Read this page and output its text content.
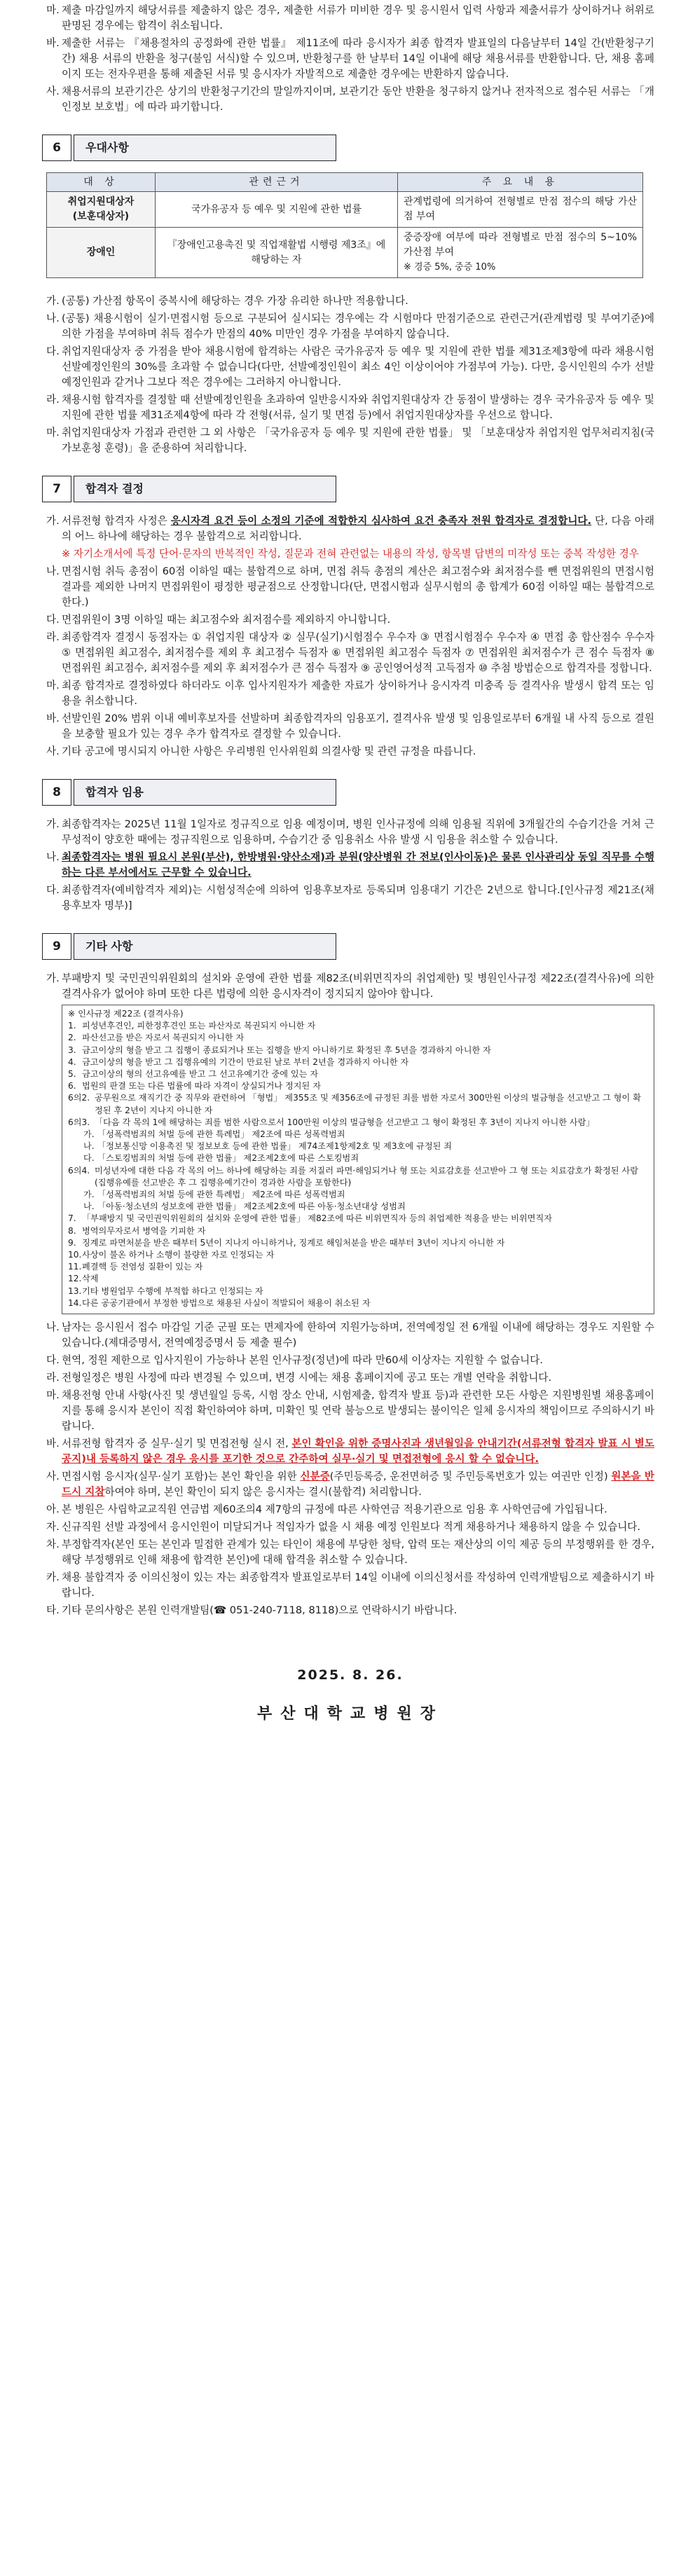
마. 제출 마감일까지 해당서류를 제출하지 않은 경우, 제출한 서류가 미비한 경우 및 응시원서 입력 사항과 제출서류가 상이하거나 허위로 판명된 경우에는 합격이 취소됩니다.
바. 제출한 서류는 『채용절차의 공정화에 관한 법률』 제11조에 따라 응시자가 최종 합격자 발표일의 다음날부터 14일 간(반환청구기간) 채용 서류의 반환을 청구(불임 서식)할 수 있으며, 반환청구를 한 날부터 14일 이내에 해당 채용서류를 반환합니다. 단, 채용 홈페이지 또는 전자우편을 통해 제출된 서류 및 응시자가 자발적으로 제출한 경우에는 반환하지 않습니다.
사. 채용서류의 보관기간은 상기의 반환청구기간의 말일까지이며, 보관기간 동안 반환을 청구하지 않거나 전자적으로 접수된 서류는 「개인정보 보호법」에 따라 파기합니다.
6	우대사항
대 상	관련근거	주 요 내 용
취업지원대상자
(보훈대상자)	국가유공자 등 예우 및 지원에 관한 법률	관계법령에 의거하여 전형별로 만점 점수의 해당 가산점 부여
장애인	『장애인고용촉진 및 직업재활법 시행령 제3조』에 해당하는 자	중증장애 여부에 따라 전형별로 만점 점수의 5~10% 가산점 부여
※ 경증 5%, 중증 10%
가. (공통) 가산점 항목이 중복시에 해당하는 경우 가장 유리한 하나만 적용합니다.
나. (공통) 채용시험이 실기·면접시험 등으로 구분되어 실시되는 경우에는 각 시험마다 만점기준으로 관련근거(관계법령 및 부여기준)에 의한 가점을 부여하며 취득 점수가 만점의 40% 미만인 경우 가점을 부여하지 않습니다.
다. 취업지원대상자 중 가점을 받아 채용시험에 합격하는 사람은 국가유공자 등 예우 및 지원에 관한 법률 제31조제3항에 따라 채용시험 선발예정인원의 30%를 초과할 수 없습니다(다만, 선발예정인원이 최소 4인 이상이어야 가점부여 가능). 다만, 응시인원의 수가 선발예정인원과 같거나 그보다 적은 경우에는 그러하지 아니합니다.
라. 채용시험 합격자를 결정할 때 선발예정인원을 초과하여 일반응시자와 취업지원대상자 간 동점이 발생하는 경우 국가유공자 등 예우 및 지원에 관한 법률 제31조제4항에 따라 각 전형(서류, 실기 및 면접 등)에서 취업지원대상자를 우선으로 합니다.
마. 취업지원대상자 가점과 관련한 그 외 사항은 「국가유공자 등 예우 및 지원에 관한 법률」 및 「보훈대상자 취업지원 업무처리지침(국가보훈청 훈령)」을 준용하여 처리합니다.
7	합격자 결정
가. 서류전형 합격자 사정은 응시자격 요건 등이 소정의 기준에 적합한지 심사하여 요건 충족자 전원 합격자로 결정합니다. 단, 다음 아래의 어느 하나에 해당하는 경우 불합격으로 처리합니다.
※ 자기소개서에 특정 단어·문자의 반복적인 작성, 질문과 전혀 관련없는 내용의 작성, 항목별 답변의 미작성 또는 중복 작성한 경우
나. 면접시험 취득 총점이 60점 이하일 때는 불합격으로 하며, 면접 취득 총점의 계산은 최고점수와 최저점수를 뺀 면접위원의 면접시험 결과를 제외한 나머지 면접위원이 평정한 평균점으로 산정합니다(단, 면접시험과 실무시험의 총 합계가 60점 이하일 때는 불합격으로 한다.)
다. 면접위원이 3명 이하일 때는 최고점수와 최저점수를 제외하지 아니합니다.
라. 최종합격자 결정시 동점자는 ① 취업지원 대상자 ② 실무(실기)시험점수 우수자 ③ 면접시험점수 우수자 ④ 면접 총 합산점수 우수자 ⑤ 면접위원 최고점수, 최저점수를 제외 후 최고점수 득점자 ⑥ 면접위원 최고점수 득점자 ⑦ 면접위원 최저점수가 큰 점수 득점자 ⑧ 면접위원 최고점수, 최저점수를 제외 후 최저점수가 큰 점수 득점자 ⑨ 공인영어성적 고득점자 ⑩ 추첨 방법순으로 합격자를 정합니다.
마. 최종 합격자로 결정하였다 하더라도 이후 입사지원자가 제출한 자료가 상이하거나 응시자격 미충족 등 결격사유 발생시 합격 또는 임용을 취소합니다.
바. 선발인원 20% 범위 이내 예비후보자를 선발하며 최종합격자의 임용포기, 결격사유 발생 및 임용일로부터 6개월 내 사직 등으로 결원을 보충할 필요가 있는 경우 추가 합격자로 결정할 수 있습니다.
사. 기타 공고에 명시되지 아니한 사항은 우리병원 인사위원회 의결사항 및 관련 규정을 따릅니다.
8	합격자 임용
가. 최종합격자는 2025년 11월 1일자로 정규직으로 임용 예정이며, 병원 인사규정에 의해 임용될 직위에 3개월간의 수습기간을 거쳐 근무성적이 양호한 때에는 정규직원으로 임용하며, 수습기간 중 임용취소 사유 발생 시 임용을 취소할 수 있습니다.
나. 최종합격자는 병원 필요시 본원(부산), 한방병원·양산소재)과 분원(양산병원 간 전보(인사이동)은 물론 인사관리상 동일 직무를 수행하는 다른 부서에서도 근무할 수 있습니다.
다. 최종합격자(예비합격자 제외)는 시험성적순에 의하여 임용후보자로 등록되며 임용대기 기간은 2년으로 합니다.[인사규정 제21조(채용후보자 명부)]
9	기타 사항
가. 부패방지 및 국민권익위원회의 설치와 운영에 관한 법률 제82조(비위면직자의 취업제한) 및 병원인사규정 제22조(결격사유)에 의한 결격사유가 없어야 하며 또한 다른 법령에 의한 응시자격이 정지되지 않아야 합니다.
※ 인사규정 제22조 (결격사유)
1. 피성년후견인, 피한정후견인 또는 파산자로 복권되지 아니한 자
2. 파산선고를 받은 자로서 복권되지 아니한 자
3. 금고이상의 형을 받고 그 집행이 종료되거나 또는 집행을 받지 아니하기로 확정된 후 5년을 경과하지 아니한 자
4. 금고이상의 형을 받고 그 집행유예의 기간이 만료된 날로 부터 2년을 경과하지 아니한 자
5. 금고이상의 형의 선고유예를 받고 그 선고유예기간 중에 있는 자
6. 법원의 판결 또는 다른 법률에 따라 자격이 상실되거나 정지된 자
6의2. 공무원으로 재직기간 중 직무와 관련하여 「형법」 제355조 및 제356조에 규정된 죄를 범한 자로서 300만원 이상의 벌금형을 선고받고 그 형이 확정된 후 2년이 지나지 아니한 자
6의3. 「다음 각 목의 1에 해당하는 죄를 범한 사람으로서 100만원 이상의 벌금형을 선고받고 그 형이 확정된 후 3년이 지나지 아니한 사람」
가. 「성폭력범죄의 처벌 등에 관한 특례법」 제2조에 따른 성폭력범죄
나. 「정보통신망 이용촉진 및 정보보호 등에 관한 법률」 제74조제1항제2호 및 제3호에 규정된 죄
다. 「스토킹범죄의 처벌 등에 관한 법률」 제2조제2호에 따른 스토킹범죄
6의4. 미성년자에 대한 다음 각 목의 어느 하나에 해당하는 죄를 저질러 파면·해임되거나 형 또는 치료감호를 선고받아 그 형 또는 치료감호가 확정된 사람(집행유예를 선고받은 후 그 집행유예기간이 경과한 사람을 포함한다)
가. 「성폭력범죄의 처벌 등에 관한 특례법」 제2조에 따른 성폭력범죄
나. 「아동·청소년의 성보호에 관한 법률」 제2조제2호에 따른 아동·청소년대상 성범죄
7. 「부패방지 및 국민권익위원회의 설치와 운영에 관한 법률」 제82조에 따른 비위면직자 등의 취업제한 적용을 받는 비위면직자
8. 병역의무자로서 병역을 기피한 자
9. 징계로 파면처분을 받은 때부터 5년이 지나지 아니하거나, 징계로 해임처분을 받은 때부터 3년이 지나지 아니한 자
10. 사상이 불온 하거나 소행이 불량한 자로 인정되는 자
11. 폐결핵 등 전염성 질환이 있는 자
12. 삭제
13. 기타 병원업무 수행에 부적합 하다고 인정되는 자
14. 다른 공공기관에서 부정한 방법으로 채용된 사실이 적발되어 채용이 취소된 자
나. 남자는 응시원서 접수 마감일 기준 군필 또는 면제자에 한하여 지원가능하며, 전역예정일 전 6개월 이내에 해당하는 경우도 지원할 수 있습니다.(제대증명서, 전역예정증명서 등 제출 필수)
다. 현역, 정원 제한으로 입사지원이 가능하나 본원 인사규정(정년)에 따라 만60세 이상자는 지원할 수 없습니다.
라. 전형일정은 병원 사정에 따라 변경될 수 있으며, 변경 시에는 채용 홈페이지에 공고 또는 개별 연락을 취합니다.
마. 채용전형 안내 사항(사진 및 생년월일 등록, 시험 장소 안내, 시험제출, 합격자 발표 등)과 관련한 모든 사항은 지원병원별 채용홈페이지를 통해 응시자 본인이 직접 확인하여야 하며, 미확인 및 연락 불능으로 발생되는 불이익은 일체 응시자의 책임이므로 주의하시기 바랍니다.
바. 서류전형 합격자 중 실무·실기 및 면접전형 실시 전, 본인 확인을 위한 증명사진과 생년월일을 안내기간(서류전형 합격자 발표 시 별도 공지)내 등록하지 않은 경우 응시를 포기한 것으로 간주하여 실무·실기 및 면접전형에 응시 할 수 없습니다.
사. 면접시험 응시자(실무·실기 포함)는 본인 확인을 위한 신분증(주민등록증, 운전면허증 및 주민등록번호가 있는 여권만 인정) 원본을 반드시 지참하여야 하며, 본인 확인이 되지 않은 응시자는 결시(불합격) 처리합니다.
아. 본 병원은 사립학교교직원 연금법 제60조의4 제7항의 규정에 따른 사학연금 적용기관으로 임용 후 사학연금에 가입됩니다.
자. 신규직원 선발 과정에서 응시인원이 미달되거나 적임자가 없을 시 채용 예정 인원보다 적게 채용하거나 채용하지 않을 수 있습니다.
차. 부정합격자(본인 또는 본인과 밀접한 관계가 있는 타인이 채용에 부당한 청탁, 압력 또는 재산상의 이익 제공 등의 부정행위를 한 경우, 해당 부정행위로 인해 채용에 합격한 본인)에 대해 합격을 취소할 수 있습니다.
카. 채용 불합격자 중 이의신청이 있는 자는 최종합격자 발표일로부터 14일 이내에 이의신청서를 작성하여 인력개발팀으로 제출하시기 바랍니다.
타. 기타 문의사항은 본원 인력개발팀(☎ 051-240-7118, 8118)으로 연락하시기 바랍니다.
2025. 8. 26.
부산대학교병원장
